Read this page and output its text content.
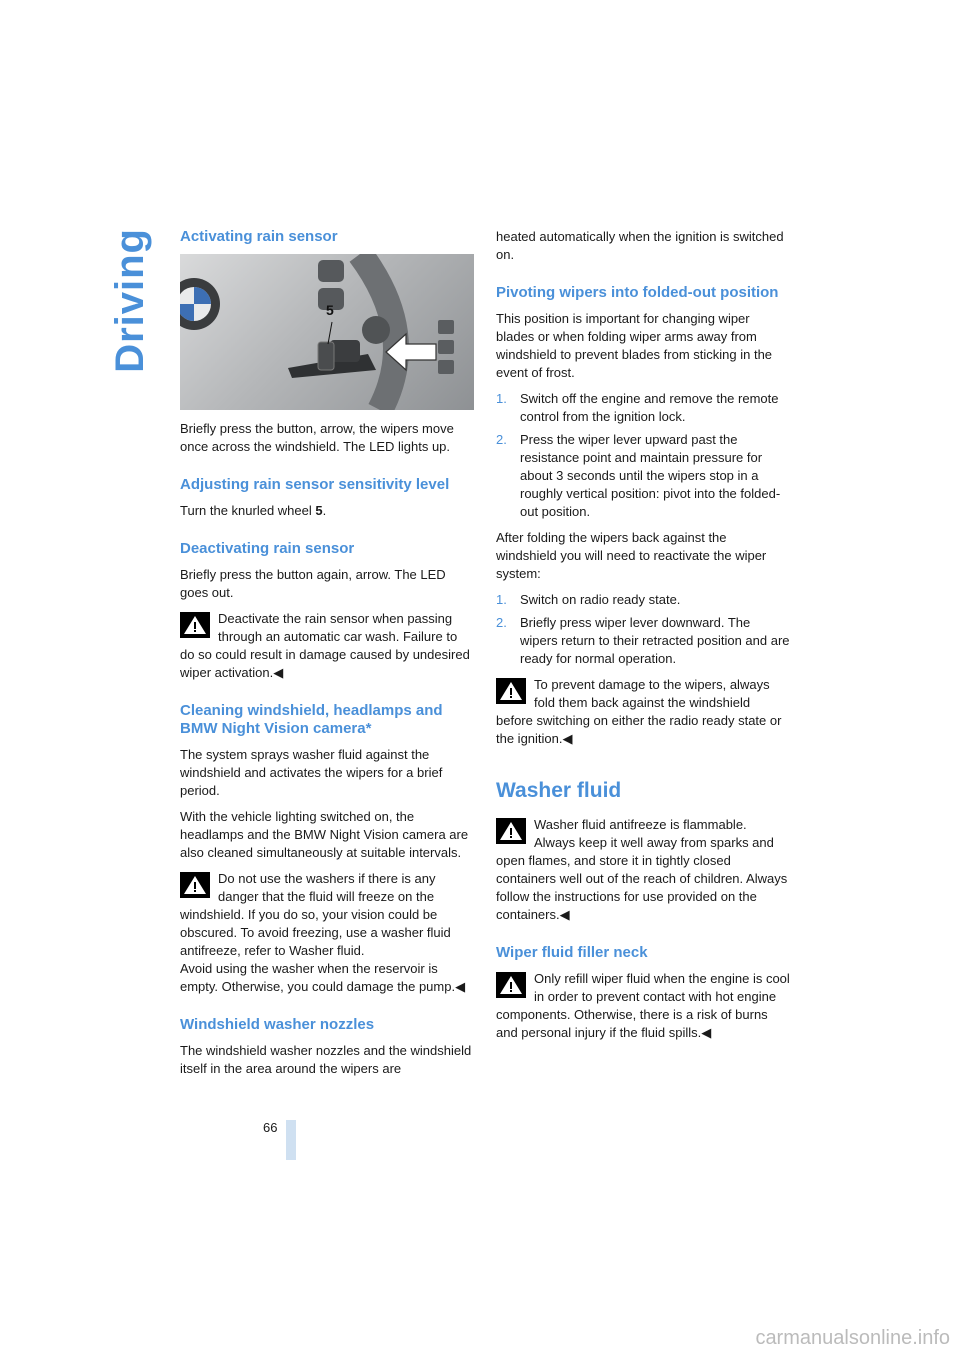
Driving Activating rain sensor
5

Briefly press the button, arrow, the wipers move once across the windshield. The LED lights up.

Adjusting rain sensor sensitivity level

Turn the knurled wheel 5.

Deactivating rain sensor

Briefly press the button again, arrow. The LED goes out.

Deactivate the rain sensor when passing through an automatic car wash. Failure to do so could result in damage caused by undesired wiper activation.◀
Cleaning windshield, headlamps and BMW Night Vision camera*

The system sprays washer fluid against the windshield and activates the wipers for a brief period.

With the vehicle lighting switched on, the headlamps and the BMW Night Vision camera are also cleaned simultaneously at suitable intervals.

Do not use the washers if there is any danger that the fluid will freeze on the windshield. If you do so, your vision could be obscured. To avoid freezing, use a washer fluid antifreeze, refer to Washer fluid.
Avoid using the washer when the reservoir is empty. Otherwise, you could damage the pump.◀
Windshield washer nozzles

The windshield washer nozzles and the windshield itself in the area around the wipers are

heated automatically when the ignition is switched on.

Pivoting wipers into folded-out position

This position is important for changing wiper blades or when folding wiper arms away from windshield to prevent blades from sticking in the event of frost.

1. Switch off the engine and remove the remote control from the ignition lock.
2. Press the wiper lever upward past the resistance point and maintain pressure for about 3 seconds until the wipers stop in a roughly vertical position: pivot into the folded-out position.

After folding the wipers back against the windshield you will need to reactivate the wiper system:

1. Switch on radio ready state.
2. Briefly press wiper lever downward. The wipers return to their retracted position and are ready for normal operation.
To prevent damage to the wipers, always fold them back against the windshield before switching on either the radio ready state or the ignition.◀
Washer fluid
Washer fluid antifreeze is flammable. Always keep it well away from sparks and open flames, and store it in tightly closed containers well out of the reach of children. Always follow the instructions for use provided on the containers.◀
Wiper fluid filler neck
Only refill wiper fluid when the engine is cool in order to prevent contact with hot engine components. Otherwise, there is a risk of burns and personal injury if the fluid spills.◀
66
carmanualsonline.info
